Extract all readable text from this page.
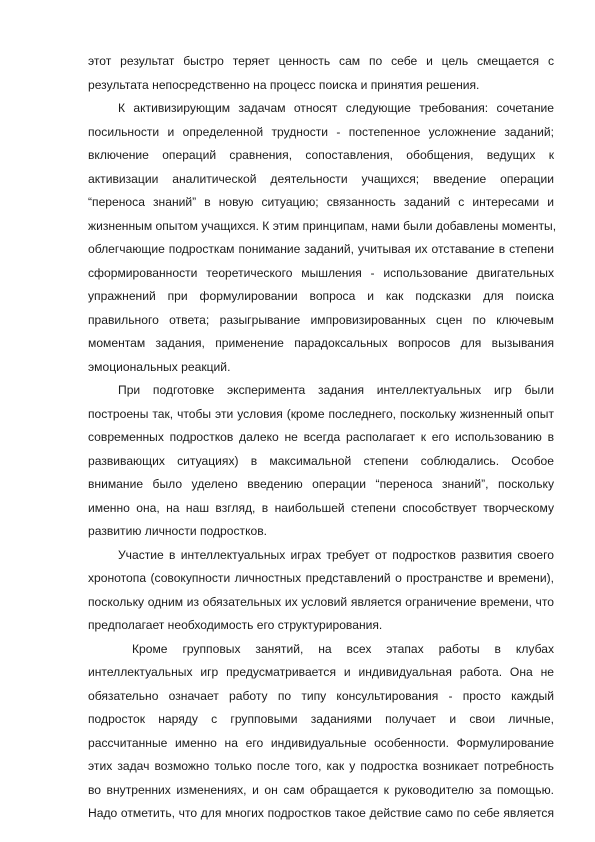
этот результат быстро теряет ценность сам по себе и цель смещается с
результата непосредственно на процесс поиска и принятия решения.
К активизирующим задачам относят следующие требования: сочетание
посильности и определенной трудности - постепенное усложнение заданий;
включение операций сравнения, сопоставления, обобщения, ведущих к
активизации аналитической деятельности учащихся; введение операции
“переноса знаний” в новую ситуацию; связанность заданий с интересами и
жизненным опытом учащихся. К этим принципам, нами были добавлены моменты,
облегчающие подросткам понимание заданий, учитывая их отставание в степени
сформированности теоретического мышления - использование двигательных
упражнений при формулировании вопроса и как подсказки для поиска
правильного ответа; разыгрывание импровизированных сцен по ключевым
моментам задания, применение парадоксальных вопросов для вызывания
эмоциональных реакций.
При подготовке эксперимента задания интеллектуальных игр были
построены так, чтобы эти условия (кроме последнего, поскольку жизненный опыт
современных подростков далеко не всегда располагает к его использованию в
развивающих ситуациях) в максимальной степени соблюдались. Особое
внимание было уделено введению операции “переноса знаний”, поскольку
именно она, на наш взгляд, в наибольшей степени способствует творческому
развитию личности подростков.
Участие в интеллектуальных играх требует от подростков развития своего
хронотопа (совокупности личностных представлений о пространстве и времени),
поскольку одним из обязательных их условий является ограничение времени, что
предполагает необходимость его структурирования.
Кроме групповых занятий, на всех этапах работы в клубах
интеллектуальных игр предусматривается и индивидуальная работа. Она не
обязательно означает работу по типу консультирования - просто каждый
подросток наряду с групповыми заданиями получает и свои личные,
рассчитанные именно на его индивидуальные особенности. Формулирование
этих задач возможно только после того, как у подростка возникает потребность
во внутренних изменениях, и он сам обращается к руководителю за помощью.
Надо отметить, что для многих подростков такое действие само по себе является
